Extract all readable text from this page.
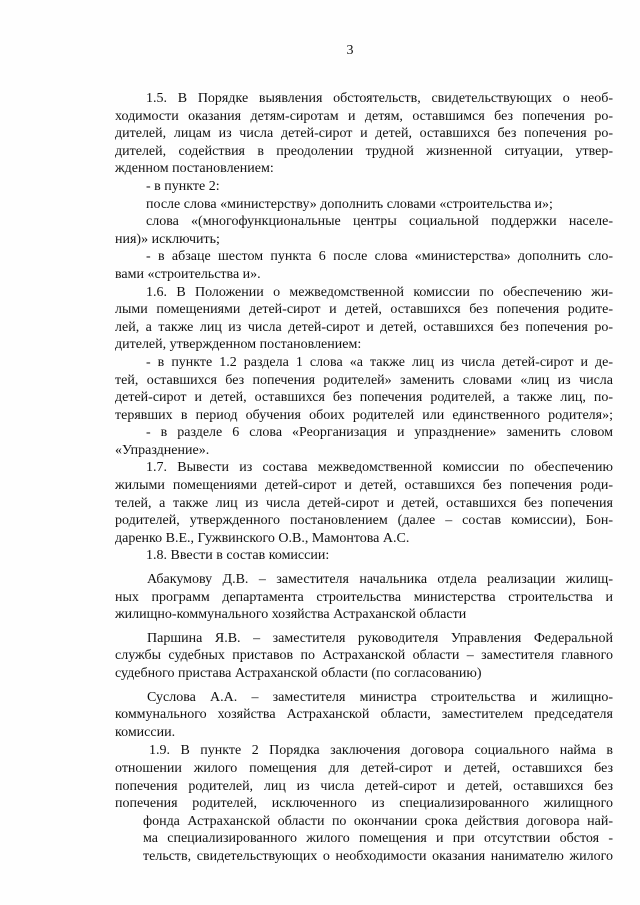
3
1.5. В Порядке выявления обстоятельств, свидетельствующих о необ-
ходимости оказания детям-сиротам и детям, оставшимся без попечения ро-
дителей, лицам из числа детей-сирот и детей, оставшихся без попечения ро-
дителей, содействия в преодолении трудной жизненной ситуации, утвер-
жденном постановлением:
- в пункте 2:
после слова «министерству» дополнить словами «строительства и»;
слова «(многофункциональные центры социальной поддержки населе-
ния)» исключить;
- в абзаце шестом пункта 6 после слова «министерства» дополнить сло-
вами «строительства и».
1.6. В Положении о межведомственной комиссии по обеспечению жи-
лыми помещениями детей-сирот и детей, оставшихся без попечения родите-
лей, а также лиц из числа детей-сирот и детей, оставшихся без попечения ро-
дителей, утвержденном постановлением:
- в пункте 1.2 раздела 1 слова «а также лиц из числа детей-сирот и де-
тей, оставшихся без попечения родителей» заменить словами «лиц из числа
детей-сирот и детей, оставшихся без попечения родителей, а также лиц, по-
терявших в период обучения обоих родителей или единственного родителя»;
- в разделе 6 слова «Реорганизация и упразднение» заменить словом
«Упразднение».
1.7. Вывести из состава межведомственной комиссии по обеспечению
жилыми помещениями детей-сирот и детей, оставшихся без попечения роди-
телей, а также лиц из числа детей-сирот и детей, оставшихся без попечения
родителей, утвержденного постановлением (далее – состав комиссии), Бон-
даренко В.Е., Гужвинского О.В., Мамонтова А.С.
1.8. Ввести в состав комиссии:
Абакумову Д.В. – заместителя начальника отдела реализации жилищ-
ных программ департамента строительства министерства строительства и
жилищно-коммунального хозяйства Астраханской области
Паршина Я.В. – заместителя руководителя Управления Федеральной
службы судебных приставов по Астраханской области – заместителя главного
судебного пристава Астраханской области (по согласованию)
Суслова А.А. – заместителя министра строительства и жилищно-
коммунального хозяйства Астраханской области, заместителем председателя
комиссии.
1.9. В пункте 2 Порядка заключения договора социального найма в
отношении жилого помещения для детей-сирот и детей, оставшихся без
попечения родителей, лиц из числа детей-сирот и детей, оставшихся без
попечения родителей, исключенного из специализированного жилищного
фонда Астраханской области по окончании срока действия договора най-
ма специализированного жилого помещения и при отсутствии обстоя -
тельств, свидетельствующих о необходимости оказания нанимателю жилого
